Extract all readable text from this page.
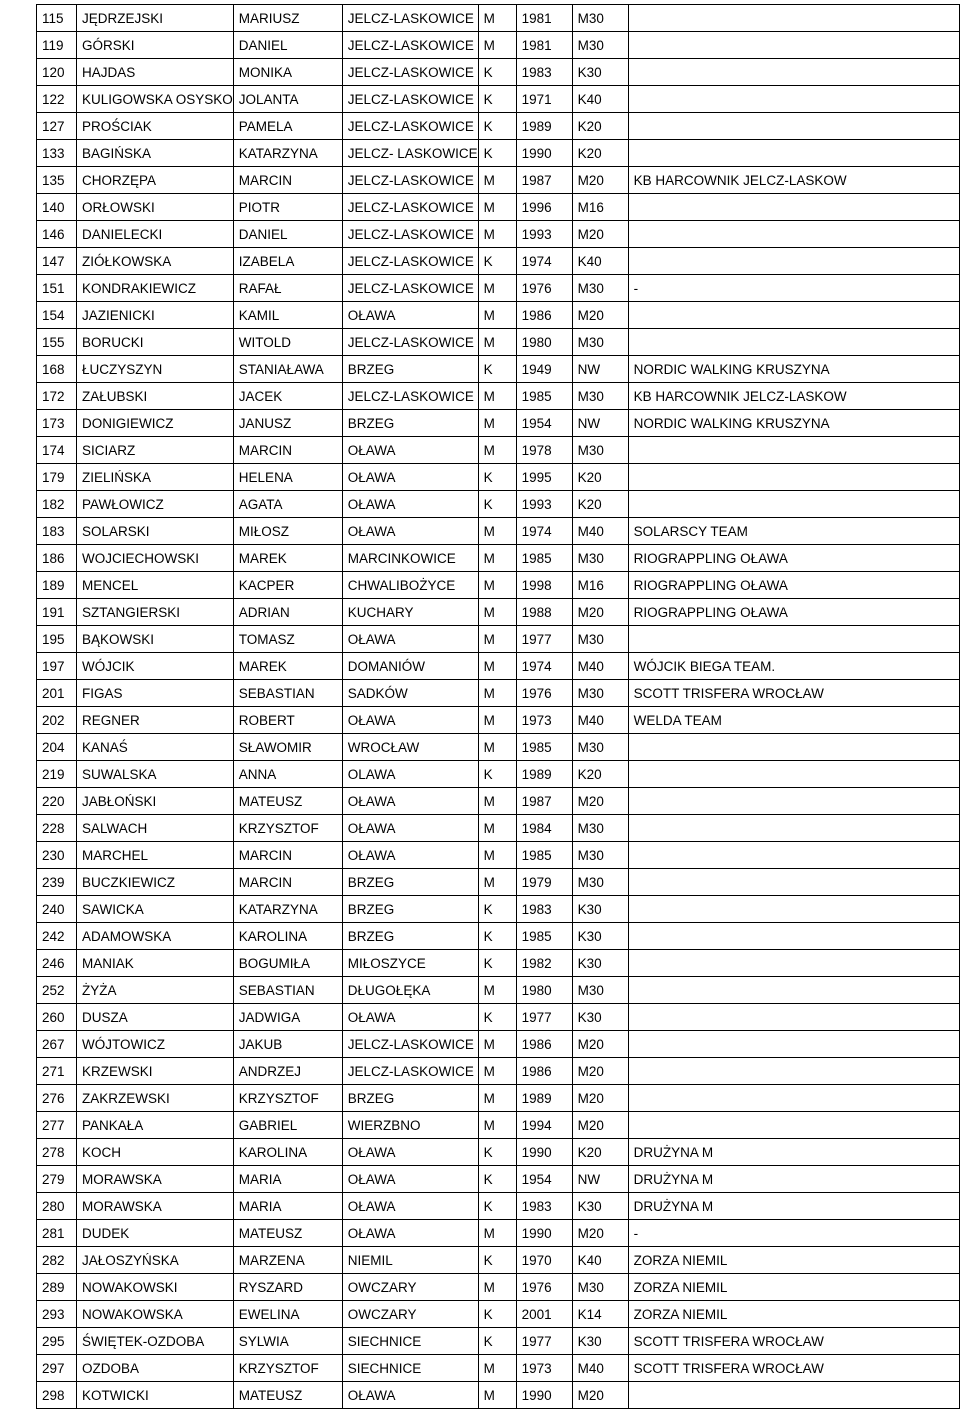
115	JĘDRZEJSKI	MARIUSZ	JELCZ-LASKOWICE	M	1981	M30	
119	GÓRSKI	DANIEL	JELCZ-LASKOWICE	M	1981	M30	
120	HAJDAS	MONIKA	JELCZ-LASKOWICE	K	1983	K30	
122	KULIGOWSKA OSYSKO	JOLANTA	JELCZ-LASKOWICE	K	1971	K40	
127	PROŚCIAK	PAMELA	JELCZ-LASKOWICE	K	1989	K20	
133	BAGIŃSKA	KATARZYNA	JELCZ- LASKOWICE	K	1990	K20	
135	CHORZĘPA	MARCIN	JELCZ-LASKOWICE	M	1987	M20	KB HARCOWNIK JELCZ-LASKOW
140	ORŁOWSKI	PIOTR	JELCZ-LASKOWICE	M	1996	M16	
146	DANIELECKI	DANIEL	JELCZ-LASKOWICE	M	1993	M20	
147	ZIÓŁKOWSKA	IZABELA	JELCZ-LASKOWICE	K	1974	K40	
151	KONDRAKIEWICZ	RAFAŁ	JELCZ-LASKOWICE	M	1976	M30	-
154	JAZIENICKI	KAMIL	OŁAWA	M	1986	M20	
155	BORUCKI	WITOLD	JELCZ-LASKOWICE	M	1980	M30	
168	ŁUCZYSZYN	STANIAŁAWA	BRZEG	K	1949	NW	NORDIC WALKING KRUSZYNA
172	ZAŁUBSKI	JACEK	JELCZ-LASKOWICE	M	1985	M30	KB HARCOWNIK JELCZ-LASKOW
173	DONIGIEWICZ	JANUSZ	BRZEG	M	1954	NW	NORDIC WALKING KRUSZYNA
174	SICIARZ	MARCIN	OŁAWA	M	1978	M30	
179	ZIELIŃSKA	HELENA	OŁAWA	K	1995	K20	
182	PAWŁOWICZ	AGATA	OŁAWA	K	1993	K20	
183	SOLARSKI	MIŁOSZ	OŁAWA	M	1974	M40	SOLARSCY TEAM
186	WOJCIECHOWSKI	MAREK	MARCINKOWICE	M	1985	M30	RIOGRAPPLING OŁAWA
189	MENCEL	KACPER	CHWALIBOŻYCE	M	1998	M16	RIOGRAPPLING OŁAWA
191	SZTANGIERSKI	ADRIAN	KUCHARY	M	1988	M20	RIOGRAPPLING OŁAWA
195	BĄKOWSKI	TOMASZ	OŁAWA	M	1977	M30	
197	WÓJCIK	MAREK	DOMANIÓW	M	1974	M40	WÓJCIK BIEGA TEAM.
201	FIGAS	SEBASTIAN	SADKÓW	M	1976	M30	SCOTT TRISFERA WROCŁAW
202	REGNER	ROBERT	OŁAWA	M	1973	M40	WELDA TEAM
204	KANAŚ	SŁAWOMIR	WROCŁAW	M	1985	M30	
219	SUWALSKA	ANNA	OLAWA	K	1989	K20	
220	JABŁOŃSKI	MATEUSZ	OŁAWA	M	1987	M20	
228	SALWACH	KRZYSZTOF	OŁAWA	M	1984	M30	
230	MARCHEL	MARCIN	OŁAWA	M	1985	M30	
239	BUCZKIEWICZ	MARCIN	BRZEG	M	1979	M30	
240	SAWICKA	KATARZYNA	BRZEG	K	1983	K30	
242	ADAMOWSKA	KAROLINA	BRZEG	K	1985	K30	
246	MANIAK	BOGUMIŁA	MIŁOSZYCE	K	1982	K30	
252	ŻYŻA	SEBASTIAN	DŁUGOŁĘKA	M	1980	M30	
260	DUSZA	JADWIGA	OŁAWA	K	1977	K30	
267	WÓJTOWICZ	JAKUB	JELCZ-LASKOWICE	M	1986	M20	
271	KRZEWSKI	ANDRZEJ	JELCZ-LASKOWICE	M	1986	M20	
276	ZAKRZEWSKI	KRZYSZTOF	BRZEG	M	1989	M20	
277	PANKAŁA	GABRIEL	WIERZBNO	M	1994	M20	
278	KOCH	KAROLINA	OŁAWA	K	1990	K20	DRUŻYNA M
279	MORAWSKA	MARIA	OŁAWA	K	1954	NW	DRUŻYNA M
280	MORAWSKA	MARIA	OŁAWA	K	1983	K30	DRUŻYNA M
281	DUDEK	MATEUSZ	OŁAWA	M	1990	M20	-
282	JAŁOSZYŃSKA	MARZENA	NIEMIL	K	1970	K40	ZORZA NIEMIL
289	NOWAKOWSKI	RYSZARD	OWCZARY	M	1976	M30	ZORZA NIEMIL
293	NOWAKOWSKA	EWELINA	OWCZARY	K	2001	K14	ZORZA NIEMIL
295	ŚWIĘTEK-OZDOBA	SYLWIA	SIECHNICE	K	1977	K30	SCOTT TRISFERA WROCŁAW
297	OZDOBA	KRZYSZTOF	SIECHNICE	M	1973	M40	SCOTT TRISFERA WROCŁAW
298	KOTWICKI	MATEUSZ	OŁAWA	M	1990	M20	
